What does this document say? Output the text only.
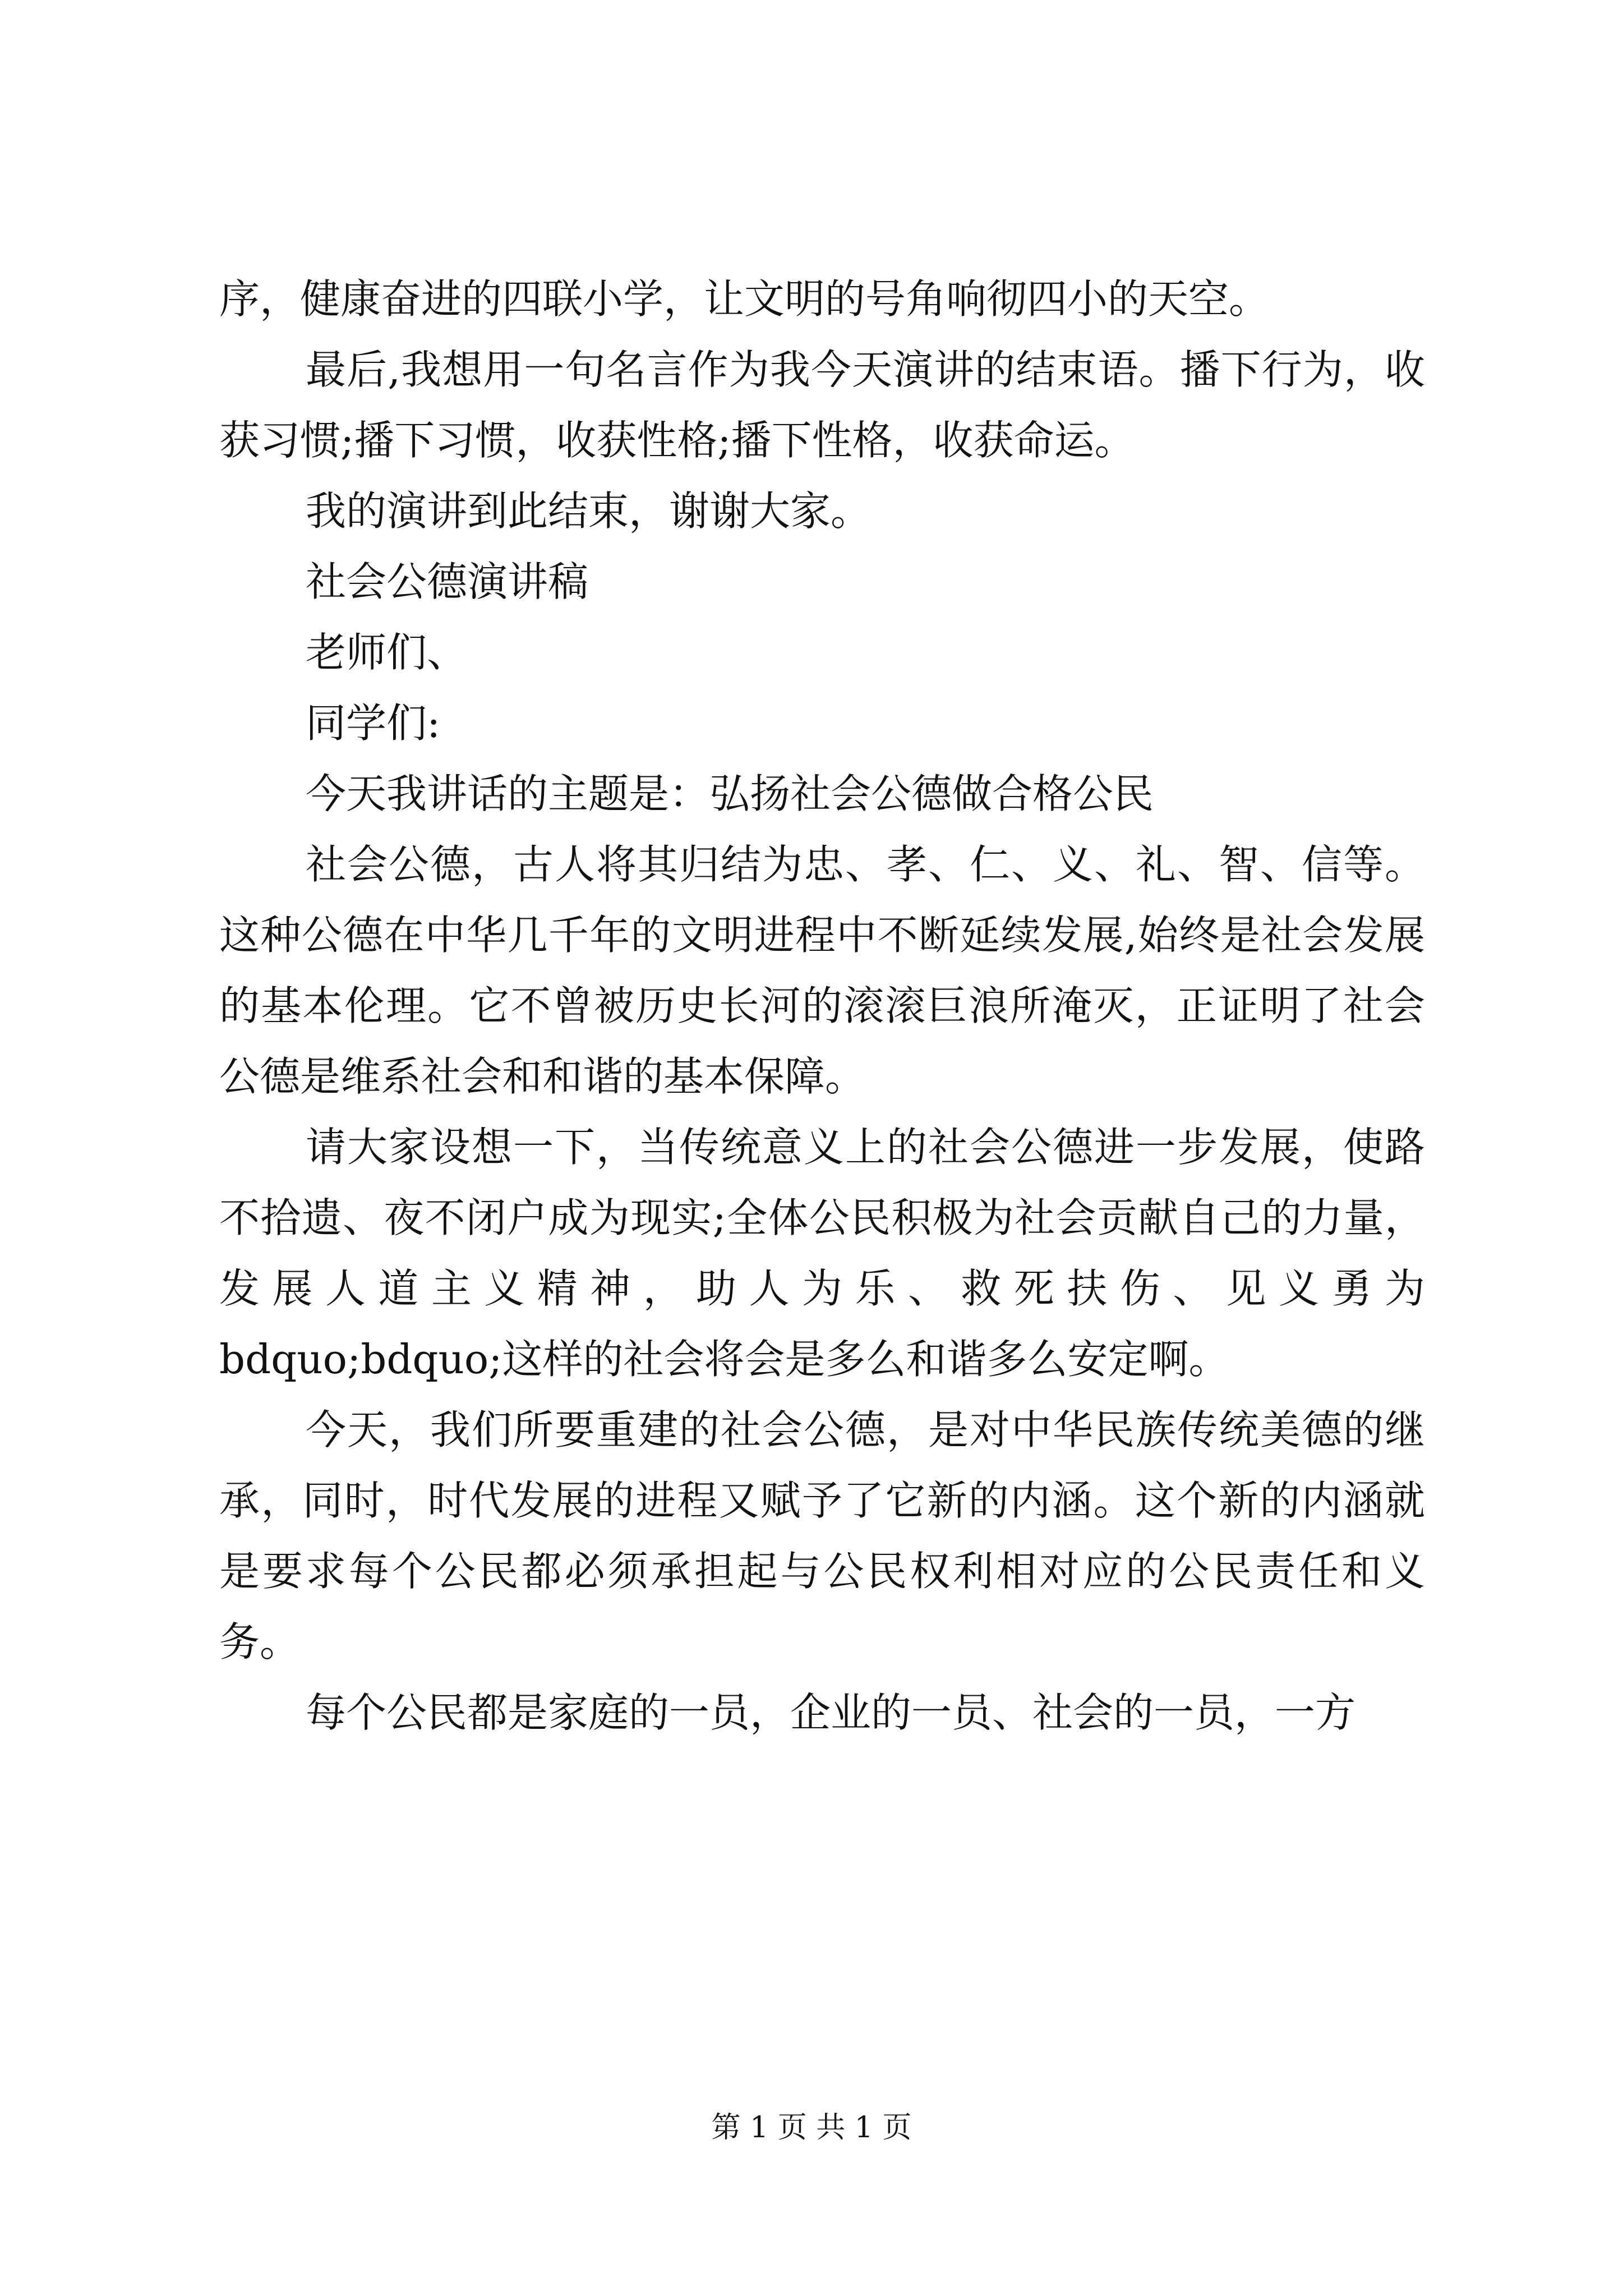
序，健康奋进的四联小学，让文明的号角响彻四小的天空。

最后,我想用一句名言作为我今天演讲的结束语。播下行为，收获习惯;播下习惯，收获性格;播下性格，收获命运。

我的演讲到此结束，谢谢大家。

社会公德演讲稿

老师们、

同学们:

今天我讲话的主题是：弘扬社会公德做合格公民

社会公德，古人将其归结为忠、孝、仁、义、礼、智、信等。这种公德在中华几千年的文明进程中不断延续发展,始终是社会发展的基本伦理。它不曾被历史长河的滚滚巨浪所淹灭，正证明了社会公德是维系社会和和谐的基本保障。

请大家设想一下，当传统意义上的社会公德进一步发展，使路不拾遗、夜不闭户成为现实;全体公民积极为社会贡献自己的力量，发展人道主义精神，助人为乐、救死扶伤、见义勇为bdquo;bdquo;这样的社会将会是多么和谐多么安定啊。

今天，我们所要重建的社会公德，是对中华民族传统美德的继承，同时，时代发展的进程又赋予了它新的内涵。这个新的内涵就是要求每个公民都必须承担起与公民权利相对应的公民责任和义务。

每个公民都是家庭的一员，企业的一员、社会的一员，一方

第 1 页 共 1 页
